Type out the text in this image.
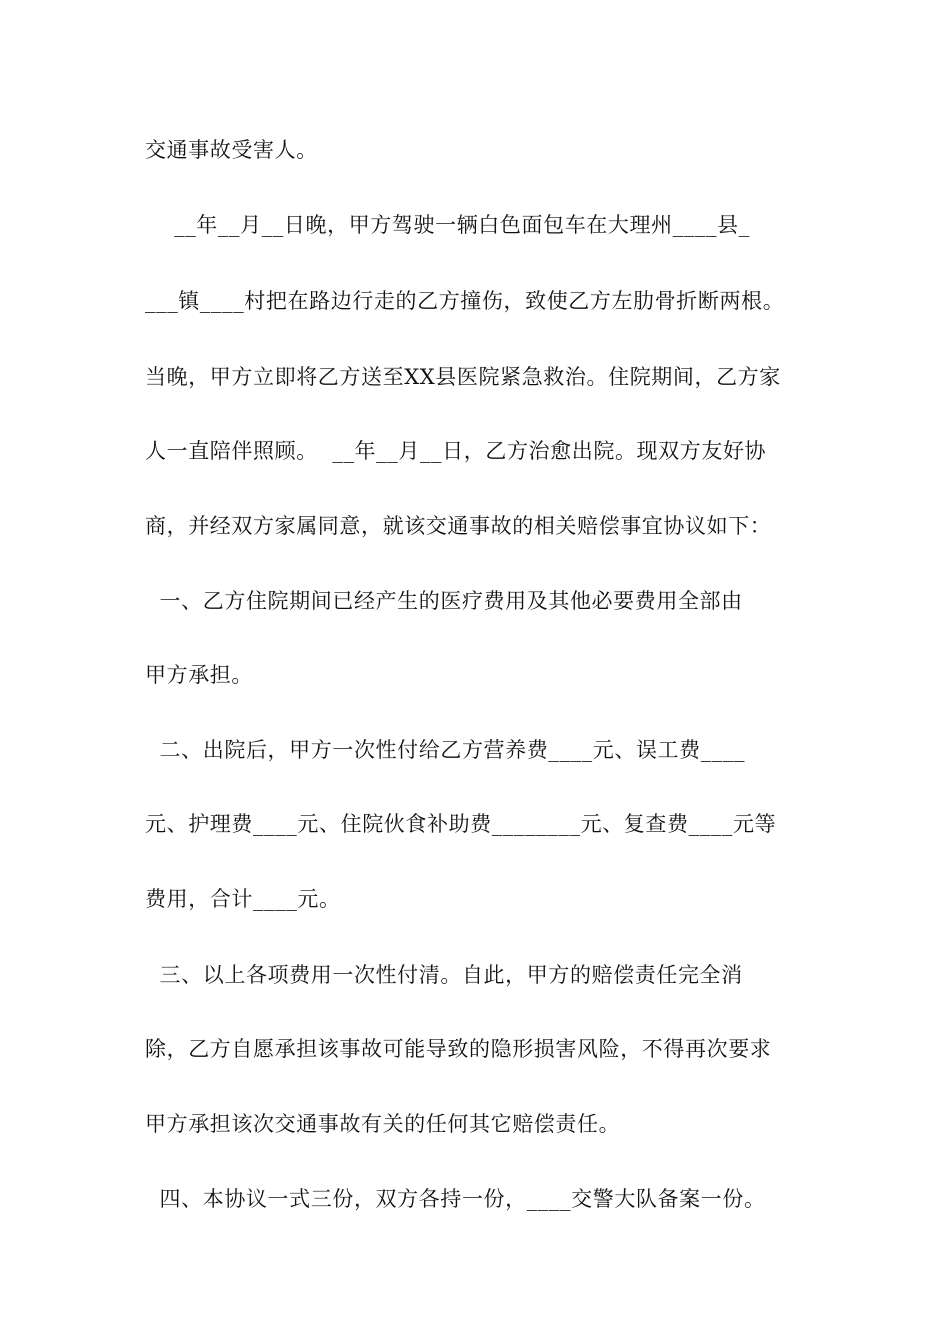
交通事故受害人。
__年__月__日晚，甲方驾驶一辆白色面包车在大理州____县_
___镇____村把在路边行走的乙方撞伤，致使乙方左肋骨折断两根。
当晚，甲方立即将乙方送至XX县医院紧急救治。住院期间，乙方家
人一直陪伴照顾。  __年__月__日，乙方治愈出院。现双方友好协
商，并经双方家属同意，就该交通事故的相关赔偿事宜协议如下：
一、乙方住院期间已经产生的医疗费用及其他必要费用全部由
甲方承担。
二、出院后，甲方一次性付给乙方营养费____元、误工费____
元、护理费____元、住院伙食补助费________元、复查费____元等
费用，合计____元。
三、以上各项费用一次性付清。自此，甲方的赔偿责任完全消
除，乙方自愿承担该事故可能导致的隐形损害风险，不得再次要求
甲方承担该次交通事故有关的任何其它赔偿责任。
四、本协议一式三份，双方各持一份，____交警大队备案一份。
